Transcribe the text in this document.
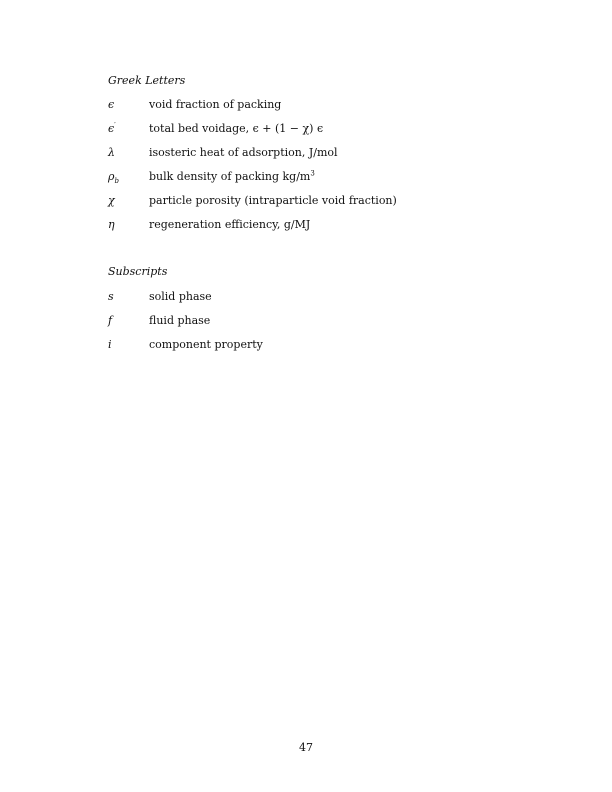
Greek Letters
ϵ	void fraction of packing
ϵ′	total bed voidage, ϵ + (1 − χ) ϵ
λ	isosteric heat of adsorption, J/mol
$\rho_b$	bulk density of packing $kg/m^3$
χ	particle porosity (intraparticle void fraction)
η	regeneration efficiency, g/MJ
Subscripts
s	solid phase
f	fluid phase
i	component property
47
